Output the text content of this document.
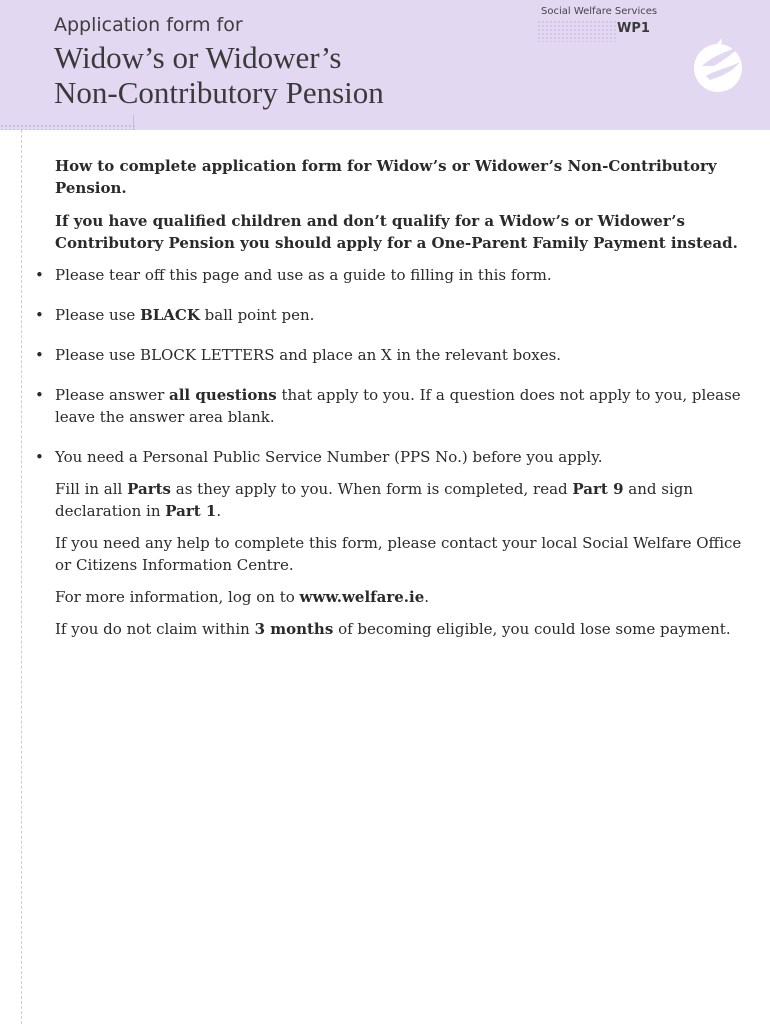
Application form for
Widow’s or Widower’s
Non-Contributory Pension
Social Welfare Services
WP1

How to complete application form for Widow’s or Widower’s Non-Contributory Pension.

If you have qualified children and don’t qualify for a Widow’s or Widower’s Contributory Pension you should apply for a One-Parent Family Payment instead.

• Please tear off this page and use as a guide to filling in this form.
• Please use BLACK ball point pen.
• Please use BLOCK LETTERS and place an X in the relevant boxes.
• Please answer all questions that apply to you. If a question does not apply to you, please leave the answer area blank.
• You need a Personal Public Service Number (PPS No.) before you apply.

Fill in all Parts as they apply to you. When form is completed, read Part 9 and sign declaration in Part 1.

If you need any help to complete this form, please contact your local Social Welfare Office or Citizens Information Centre.

For more information, log on to www.welfare.ie.

If you do not claim within 3 months of becoming eligible, you could lose some payment.
